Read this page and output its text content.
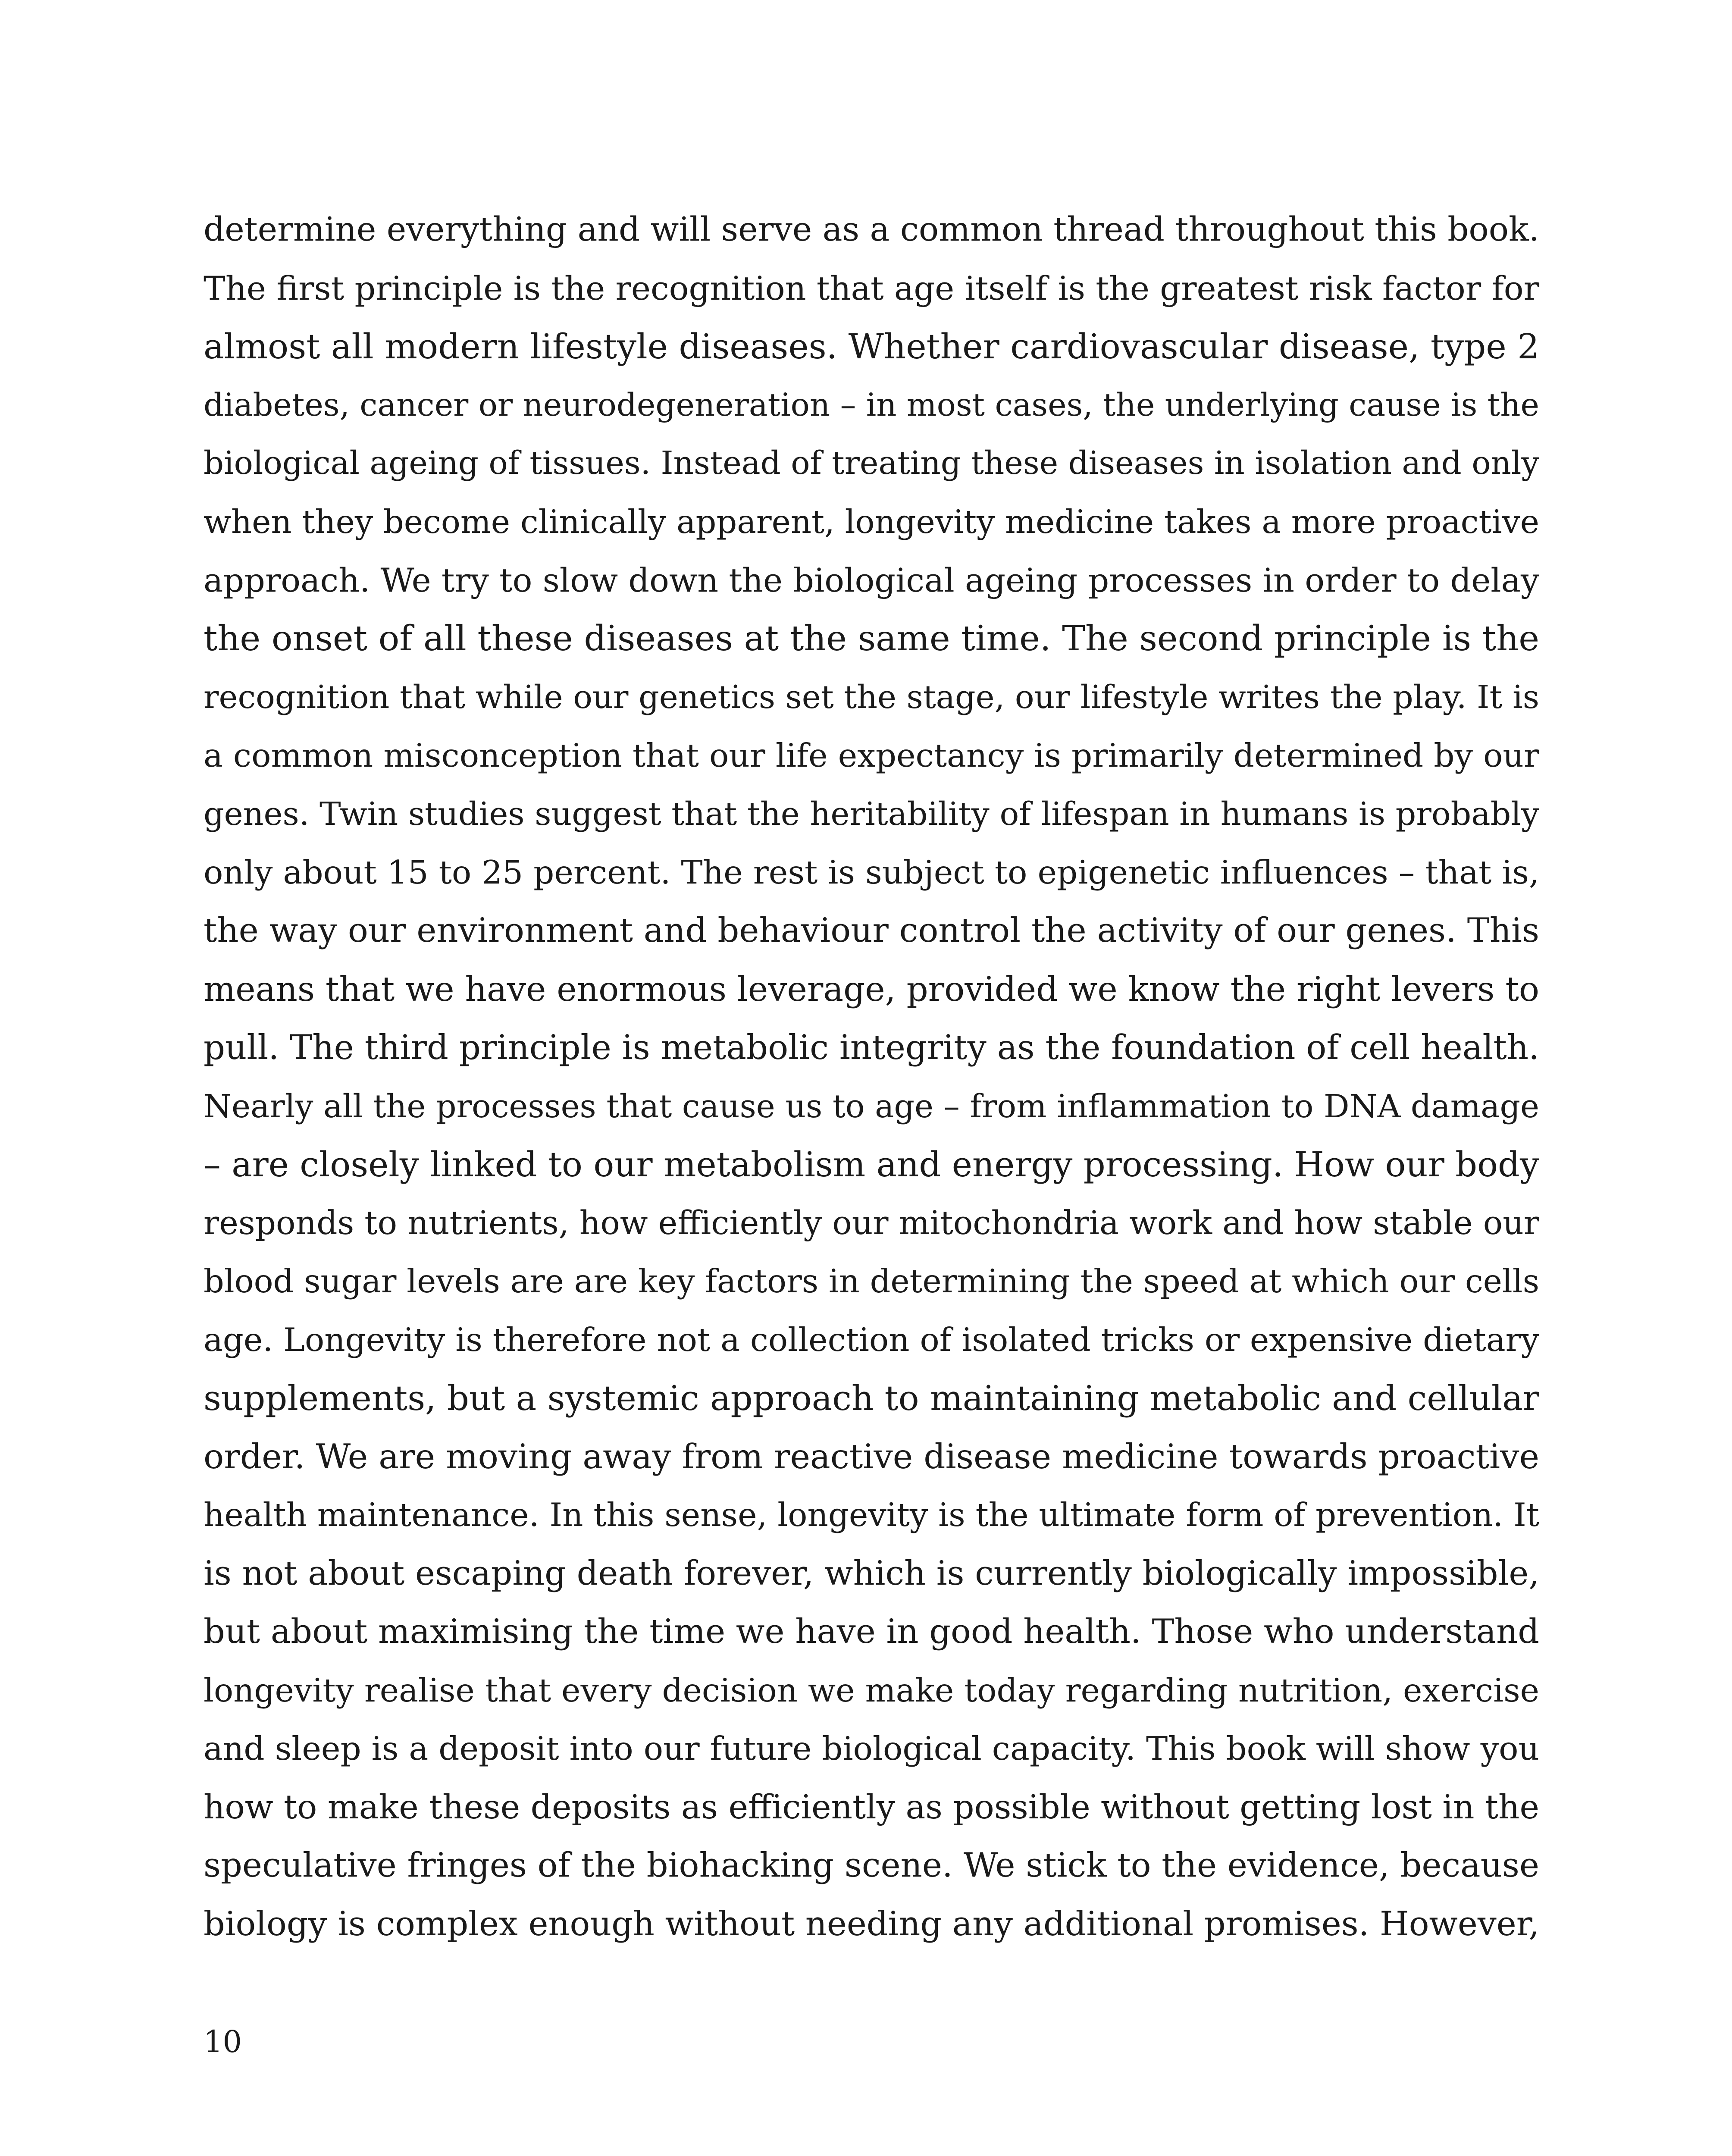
determine everything and will serve as a common thread throughout this book.
The first principle is the recognition that age itself is the greatest risk factor for
almost all modern lifestyle diseases. Whether cardiovascular disease, type 2
diabetes, cancer or neurodegeneration – in most cases, the underlying cause is the
biological ageing of tissues. Instead of treating these diseases in isolation and only
when they become clinically apparent, longevity medicine takes a more proactive
approach. We try to slow down the biological ageing processes in order to delay
the onset of all these diseases at the same time. The second principle is the
recognition that while our genetics set the stage, our lifestyle writes the play. It is
a common misconception that our life expectancy is primarily determined by our
genes. Twin studies suggest that the heritability of lifespan in humans is probably
only about 15 to 25 percent. The rest is subject to epigenetic influences – that is,
the way our environment and behaviour control the activity of our genes. This
means that we have enormous leverage, provided we know the right levers to
pull. The third principle is metabolic integrity as the foundation of cell health.
Nearly all the processes that cause us to age – from inflammation to DNA damage
– are closely linked to our metabolism and energy processing. How our body
responds to nutrients, how efficiently our mitochondria work and how stable our
blood sugar levels are are key factors in determining the speed at which our cells
age. Longevity is therefore not a collection of isolated tricks or expensive dietary
supplements, but a systemic approach to maintaining metabolic and cellular
order. We are moving away from reactive disease medicine towards proactive
health maintenance. In this sense, longevity is the ultimate form of prevention. It
is not about escaping death forever, which is currently biologically impossible,
but about maximising the time we have in good health. Those who understand
longevity realise that every decision we make today regarding nutrition, exercise
and sleep is a deposit into our future biological capacity. This book will show you
how to make these deposits as efficiently as possible without getting lost in the
speculative fringes of the biohacking scene. We stick to the evidence, because
biology is complex enough without needing any additional promises. However,

10
